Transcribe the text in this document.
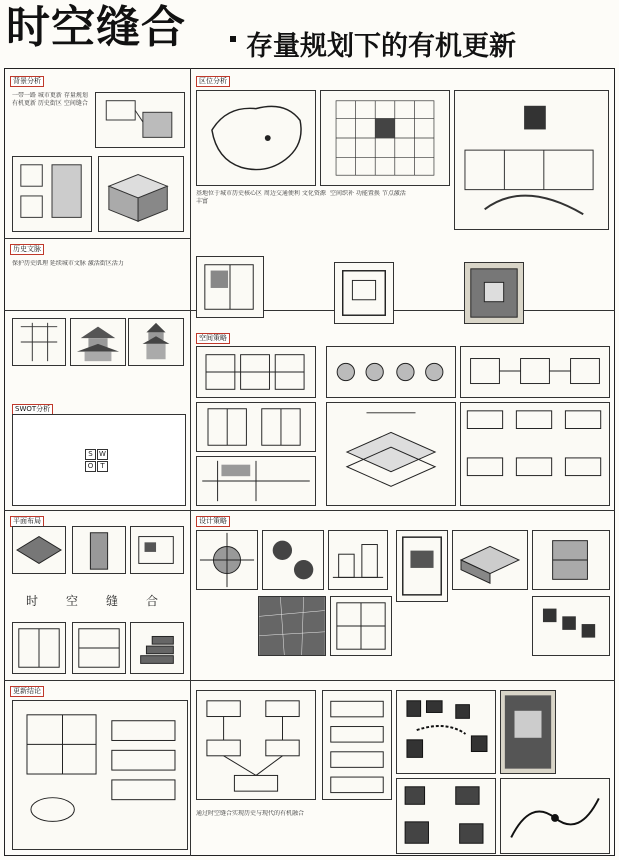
时空缝合 存量规划下的有机更新
背景分析	区位分析
历史文脉
SWOT分析
空间策略
设计策略
平面布局
更新结论
一带一路 城市更新 存量规划 有机更新 历史街区 空间缝合
基地位于城市历史核心区 周边交通便利 文化资源丰富
保护历史肌理 延续城市文脉 激活街区活力
空间织补 功能置换 节点激活
通过时空缝合实现历史与现代的有机融合
S W
O	T
时空缝合
